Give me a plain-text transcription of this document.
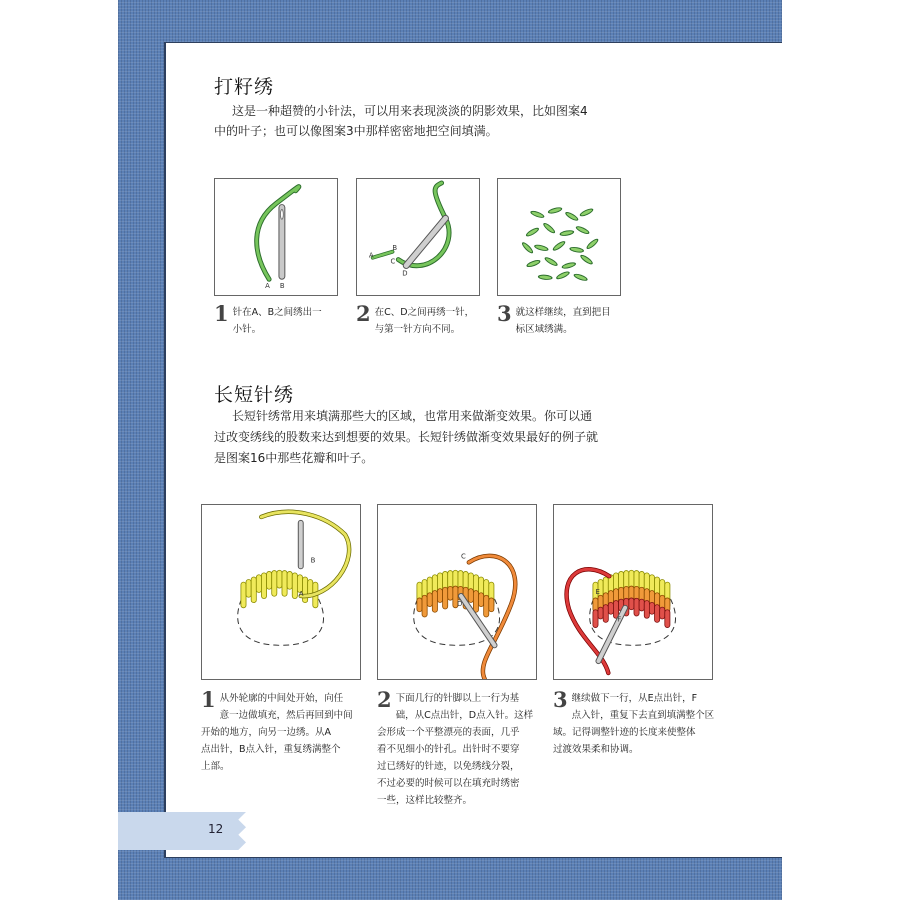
打籽绣

这是一种超赞的小针法，可以用来表现淡淡的阴影效果，比如图案4

中的叶子；也可以像图案3中那样密密地把空间填满。

A B
A
B
C
D
1 针在A、B之间绣出一
小针。
2 在C、D之间再绣一针，
与第一针方向不同。
3 就这样继续，直到把目
标区域绣满。
长短针绣

长短针绣常用来填满那些大的区域，也常用来做渐变效果。你可以通

过改变绣线的股数来达到想要的效果。长短针绣做渐变效果最好的例子就

是图案16中那些花瓣和叶子。

B
A
C
D
E
F
1 从外轮廓的中间处开始，向任
意一边做填充，然后再回到中间
开始的地方，向另一边绣。从A
点出针，B点入针，重复绣满整个
上部。
2 下面几行的针脚以上一行为基
础，从C点出针，D点入针。这样
会形成一个平整漂亮的表面，几乎
看不见细小的针孔。出针时不要穿
过已绣好的针迹，以免绣线分裂，
不过必要的时候可以在填充时绣密
一些，这样比较整齐。
3 继续做下一行，从E点出针，F
点入针，重复下去直到填满整个区
域。记得调整针迹的长度来使整体
过渡效果柔和协调。
12
